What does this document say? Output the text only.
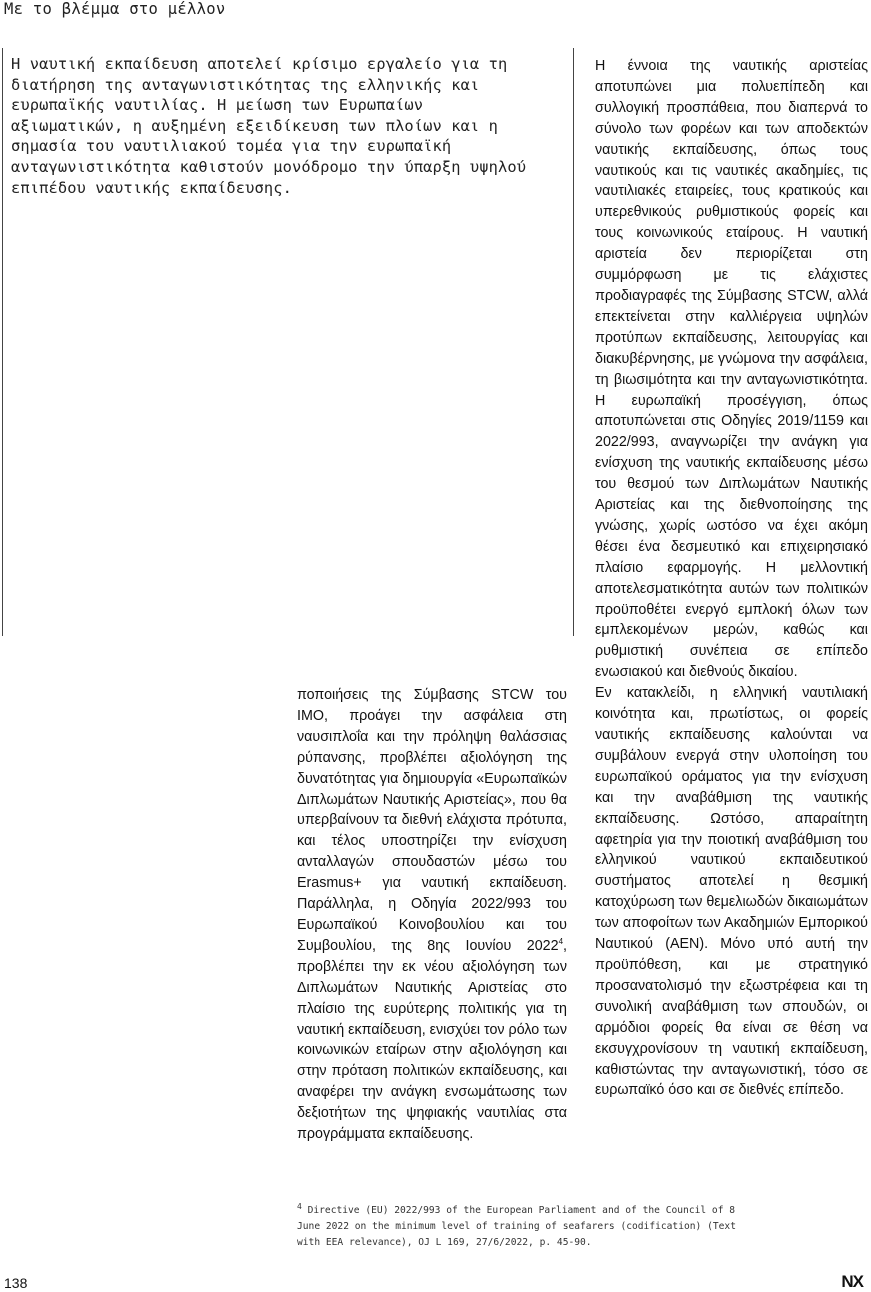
Με το βλέμμα στο μέλλον

Η ναυτική εκπαίδευση αποτελεί κρίσιμο εργαλείο για τη διατήρηση της ανταγωνιστικότητας της ελληνικής και ευρωπαϊκής ναυτιλίας. Η μείωση των Ευρωπαίων αξιωματικών, η αυξημένη εξειδίκευση των πλοίων και η σημασία του ναυτιλιακού τομέα για την ευρωπαϊκή ανταγωνιστικότητα καθιστούν μονόδρομο την ύπαρξη υψηλού επιπέδου ναυτικής εκπαίδευσης.

Η έννοια της ναυτικής αριστείας αποτυπώνει μια πολυεπίπεδη και συλλογική προσπάθεια, που διαπερνά το σύνολο των φορέων και των αποδεκτών ναυτικής εκπαίδευσης, όπως τους ναυτικούς και τις ναυτικές ακαδημίες, τις ναυτιλιακές εταιρείες, τους κρατικούς και υπερεθνικούς ρυθμιστικούς φορείς και τους κοινωνικούς εταίρους. Η ναυτική αριστεία δεν περιορίζεται στη συμμόρφωση με τις ελάχιστες προδιαγραφές της Σύμβασης STCW, αλλά επεκτείνεται στην καλλιέργεια υψηλών προτύπων εκπαίδευσης, λειτουργίας και διακυβέρνησης, με γνώμονα την ασφάλεια, τη βιωσιμότητα και την ανταγωνιστικότητα. Η ευρωπαϊκή προσέγγιση, όπως αποτυπώνεται στις Οδηγίες 2019/1159 και 2022/993, αναγνωρίζει την ανάγκη για ενίσχυση της ναυτικής εκπαίδευσης μέσω του θεσμού των Διπλωμάτων Ναυτικής Αριστείας και της διεθνοποίησης της γνώσης, χωρίς ωστόσο να έχει ακόμη θέσει ένα δεσμευτικό και επιχειρησιακό πλαίσιο εφαρμογής. Η μελλοντική αποτελεσματικότητα αυτών των πολιτικών προϋποθέτει ενεργό εμπλοκή όλων των εμπλεκομένων μερών, καθώς και ρυθμιστική συνέπεια σε επίπεδο ενωσιακού και διεθνούς δικαίου.

Εν κατακλείδι, η ελληνική ναυτιλιακή κοινότητα και, πρωτίστως, οι φορείς ναυτικής εκπαίδευσης καλούνται να συμβάλουν ενεργά στην υλοποίηση του ευρωπαϊκού οράματος για την ενίσχυση και την αναβάθμιση της ναυτικής εκπαίδευσης. Ωστόσο, απαραίτητη αφετηρία για την ποιοτική αναβάθμιση του ελληνικού ναυτικού εκπαιδευτικού συστήματος αποτελεί η θεσμική κατοχύρωση των θεμελιωδών δικαιωμάτων των αποφοίτων των Ακαδημιών Εμπορικού Ναυτικού (ΑΕΝ). Μόνο υπό αυτή την προϋπόθεση, και με στρατηγικό προσανατολισμό την εξωστρέφεια και τη συνολική αναβάθμιση των σπουδών, οι αρμόδιοι φορείς θα είναι σε θέση να εκσυγχρονίσουν τη ναυτική εκπαίδευση, καθιστώντας την ανταγωνιστική, τόσο σε ευρωπαϊκό όσο και σε διεθνές επίπεδο.

ποποιήσεις της Σύμβασης STCW του IMO, προάγει την ασφάλεια στη ναυσιπλοΐα και την πρόληψη θαλάσσιας ρύπανσης, προβλέπει αξιολόγηση της δυνατότητας για δημιουργία «Ευρωπαϊκών Διπλωμάτων Ναυτικής Αριστείας», που θα υπερβαίνουν τα διεθνή ελάχιστα πρότυπα, και τέλος υποστηρίζει την ενίσχυση ανταλλαγών σπουδαστών μέσω του Erasmus+ για ναυτική εκπαίδευση. Παράλληλα, η Οδηγία 2022/993 του Ευρωπαϊκού Κοινοβουλίου και του Συμβουλίου, της 8ης Ιουνίου 2022$^4$, προβλέπει την εκ νέου αξιολόγηση των Διπλωμάτων Ναυτικής Αριστείας στο πλαίσιο της ευρύτερης πολιτικής για τη ναυτική εκπαίδευση, ενισχύει τον ρόλο των κοινωνικών εταίρων στην αξιολόγηση και στην πρόταση πολιτικών εκπαίδευσης, και αναφέρει την ανάγκη ενσωμάτωσης των δεξιοτήτων της ψηφιακής ναυτιλίας στα προγράμματα εκπαίδευσης.

$^4$ Directive (EU) 2022/993 of the European Parliament and of the Council of 8 June 2022 on the minimum level of training of seafarers (codification) (Text with EEA relevance), OJ L 169, 27/6/2022, p. 45-90.
138	NX
